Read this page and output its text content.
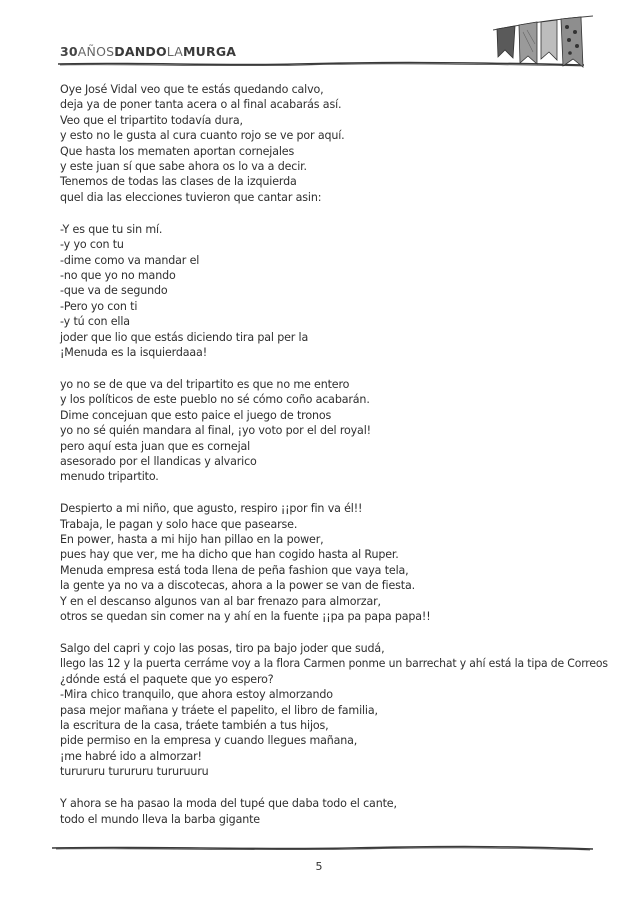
30AÑOSDANDOLAMURGA
Oye José Vidal veo que te estás quedando calvo,
deja ya de poner tanta acera o al final acabarás así.
Veo que el tripartito todavía dura,
y esto no le gusta al cura cuanto rojo se ve por aquí.
Que hasta los mematen aportan cornejales
y este juan sí que sabe ahora os lo va a decir.
Tenemos de todas las clases de la izquierda
quel dia las elecciones tuvieron que cantar asin:
-Y es que tu sin mí.
-y yo con tu
-dime como va mandar el
-no que yo no mando
-que va de segundo
-Pero yo con ti
-y tú con ella
joder que lio que estás diciendo tira pal per la
¡Menuda es la isquierdaaa!
yo no se de que va del tripartito es que no me entero
y los políticos de este pueblo no sé cómo coño acabarán.
Dime concejuan que esto paice el juego de tronos
yo no sé quién mandara al final, ¡yo voto por el del royal!
pero aquí esta juan que es cornejal
asesorado por el llandicas y alvarico
menudo tripartito.
Despierto a mi niño, que agusto, respiro ¡¡por fin va él!!
Trabaja, le pagan y solo hace que pasearse.
En power, hasta a mi hijo han pillao en la power,
pues hay que ver, me ha dicho que han cogido hasta al Ruper.
Menuda empresa está toda llena de peña fashion que vaya tela,
la gente ya no va a discotecas, ahora a la power se van de fiesta.
Y en el descanso algunos van al bar frenazo para almorzar,
otros se quedan sin comer na y ahí en la fuente ¡¡pa pa papa papa!!
Salgo del capri y cojo las posas, tiro pa bajo joder que sudá,
llego las 12 y la puerta cerráme voy a la flora Carmen ponme un barrechat y ahí está la tipa de Correos
¿dónde está el paquete que yo espero?
-Mira chico tranquilo, que ahora estoy almorzando
pasa mejor mañana y tráete el papelito, el libro de familia,
la escritura de la casa, tráete también a tus hijos,
pide permiso en la empresa y cuando llegues mañana,
¡me habré ido a almorzar!
turururu turururu tururuuru
Y ahora se ha pasao la moda del tupé que daba todo el cante,
todo el mundo lleva la barba gigante
5
